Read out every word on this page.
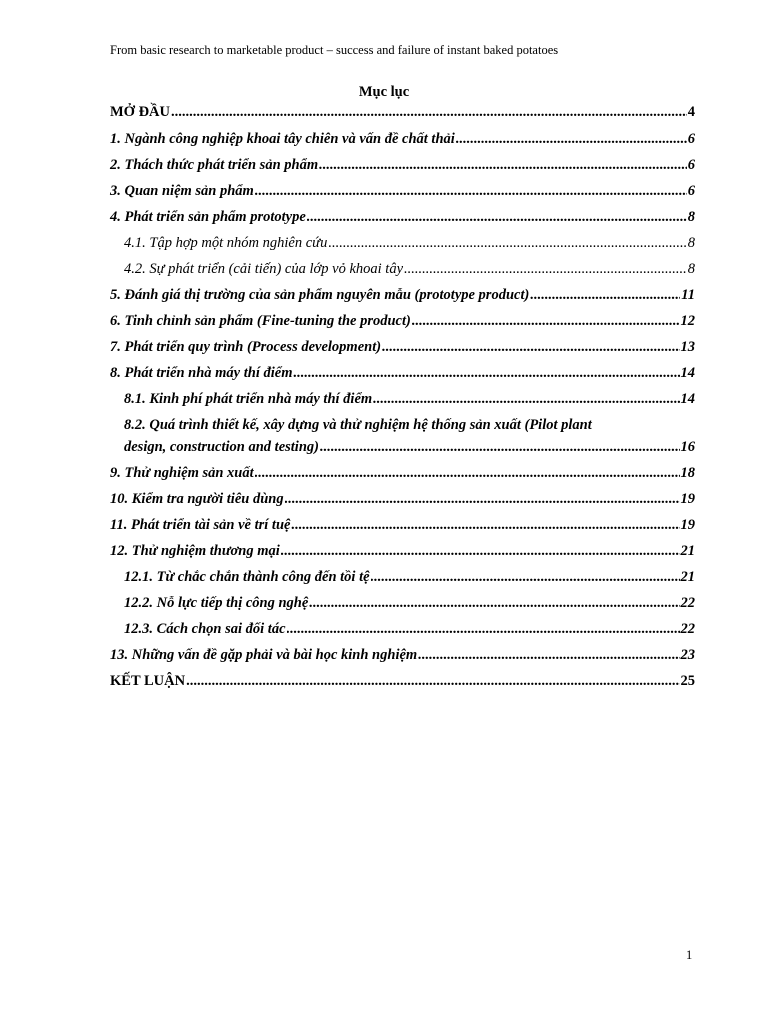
From basic research to marketable product – success and failure of instant baked potatoes
Mục lục
MỞ ĐẦU .....	4
1. Ngành công nghiệp khoai tây chiên và vấn đề chất thải .....	6
2. Thách thức phát triển sản phẩm .....	6
3. Quan niệm sản phẩm .....	6
4. Phát triển sản phẩm prototype .....	8
4.1. Tập hợp một nhóm nghiên cứu .....	8
4.2. Sự phát triển (cải tiến) của lớp vỏ khoai tây .....	8
5. Đánh giá thị trường của sản phẩm nguyên mẫu (prototype product) .....	11
6. Tinh chỉnh sản phẩm (Fine-tuning the product) .....	12
7. Phát triển quy trình (Process development) .....	13
8. Phát triển nhà máy thí điểm .....	14
8.1. Kinh phí phát triển nhà máy thí điểm .....	14
8.2. Quá trình thiết kế, xây dựng và thử nghiệm hệ thống sản xuất (Pilot plant
design, construction and testing) .....	16
9. Thử nghiệm sản xuất .....	18
10. Kiểm tra người tiêu dùng .....	19
11. Phát triển tài sản về trí tuệ .....	19
12. Thử nghiệm thương mại .....	21
12.1. Từ chắc chắn thành công đến tồi tệ .....	21
12.2. Nỗ lực tiếp thị công nghệ .....	22
12.3. Cách chọn sai đối tác .....	22
13. Những vấn đề gặp phải và bài học kinh nghiệm .....	23
KẾT LUẬN .....	25
1
